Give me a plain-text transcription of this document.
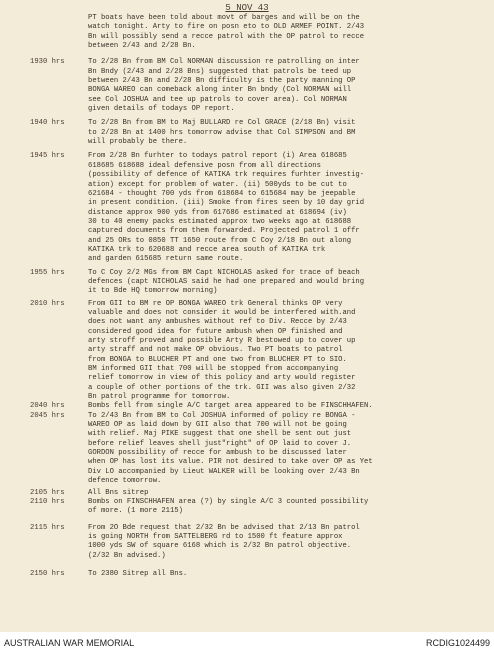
5 NOV 43
PT boats have been told about movt of barges and will be on the
watch tonight. Arty to fire on posn eto to OLD ARMEF POINT. 2/43
Bn will possibly send a recce patrol with the OP patrol to recce
between 2/43 and 2/28 Bn.
1930 hrs	To 2/28 Bn from BM Col NORMAN discussion re patrolling on inter
Bn Bndy (2/43 and 2/28 Bns) suggested that patrols be teed up
between 2/43 Bn and 2/28 Bn difficulty is the party manning OP
BONGA WAREO can comeback along inter Bn bndy (Col NORMAN will
see Col JOSHUA and tee up patrols to cover area). Col NORMAN
given details of todays OP report.
1940 hrs	To 2/28 Bn from BM to Maj BULLARD re Col GRACE (2/18 Bn) visit
to 2/28 Bn at 1400 hrs tomorrow advise that Col SIMPSON and BM
will probably be there.
1945 hrs	From 2/28 Bn furhter to todays patrol report (i) Area 618685
618685 618688 ideal defensive posn from all directions
(possibility of defence of KATIKA trk requires furhter investig-
ation) except for problem of water. (ii) 500yds to be cut to
621684 - thought 700 yds from 618684 to 615684 may be jeepable
in present condition. (iii) Smoke from fires seen by 10 day grid
distance approx 900 yds from 617686 estimated at 618694 (iv)
30 to 40 enemy packs estimated approx two weeks ago at 618688
captured documents from them forwarded. Projected patrol 1 offr
and 25 ORs to 0850 TT 1650 route from C Coy 2/18 Bn out along
KATIKA trk to 620688 and recce area south of KATIKA trk
and garden 615685 return same route.
1955 hrs	To C Coy 2/2 MGs from BM Capt NICHOLAS asked for trace of beach
defences (capt NICHOLAS said he had one prepared and would bring
it to Bde HQ tomorrow morning)
2010 hrs	From GII to BM re OP BONGA WAREO trk General thinks OP very
valuable and does not consider it would be interfered with.and
does not want any ambushes without ref to Div. Recce by 2/43
considered good idea for future ambush when OP finished and
arty stroff proved and possible Arty R bestowed up to cover up
arty straff and not make OP obvious. Two PT boats to patrol
from BONGA to BLUCHER PT and one two from BLUCHER PT to SIO.
BM informed GII that 700 will be stopped from accompanying
relief tomorrow in view of this policy and arty would register
a couple of other portions of the trk. GII was also given 2/32
Bn patrol programme for tomorrow.
2040 hrs	Bombs fell from single A/C target area appeared to be FINSCHHAFEN.
2045 hrs	To 2/43 Bn from BM to Col JOSHUA informed of policy re BONGA -
WAREO OP as laid down by GII also that 700 will not be going
with relief. Maj PIKE suggest that one shell be sent out just
before relief leaves shell just"right" of OP laid to cover J.
GORDON possibility of recce for ambush to be discussed later
when OP has lost its value. PIR not desired to take over OP as Yet
Div LO accompanied by Lieut WALKER will be looking over 2/43 Bn
defence tomorrow.
2105 hrs	All Bns sitrep
2110 hrs	Bombs on FINSCHHAFEN area (?) by single A/C 3 counted possibility
of more. (1 more 2115)
2115 hrs	From 2O Bde request that 2/32 Bn be advised that 2/13 Bn patrol
is going NORTH from SATTELBERG rd to 1500 ft feature approx
1000 yds SW of square 6168 which is 2/32 Bn patrol objective.
(2/32 Bn advised.)
2150 hrs	To 2380 Sitrep all Bns.
AUSTRALIAN WAR MEMORIAL	RCDIG1024499
